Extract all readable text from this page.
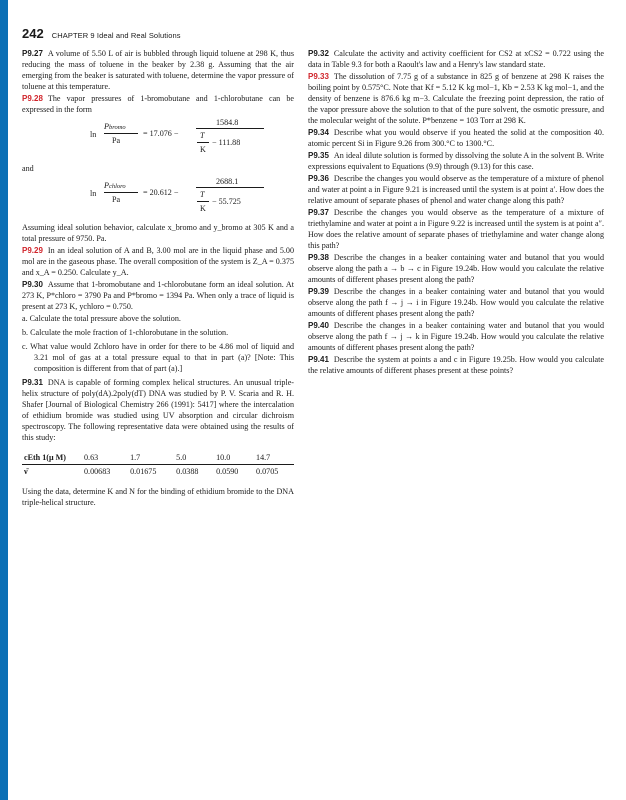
242 CHAPTER 9 Ideal and Real Solutions

P9.27 A volume of 5.50 L of air is bubbled through liquid toluene at 298 K, thus reducing the mass of toluene in the beaker by 2.38 g. Assuming that the air emerging from the beaker is saturated with toluene, determine the vapor pressure of toluene at this temperature.

P9.28 The vapor pressures of 1-bromobutane and 1-chlorobutane can be expressed in the form

ln
Pbromo
Pa
= 17.076 −
1584.8
T
K
− 111.88

and

ln
Pchloro
Pa
= 20.612 −
2688.1
T
K
− 55.725

Assuming ideal solution behavior, calculate x_bromo and y_bromo at 305 K and a total pressure of 9750. Pa.

P9.29 In an ideal solution of A and B, 3.00 mol are in the liquid phase and 5.00 mol are in the gaseous phase. The overall composition of the system is Z_A = 0.375 and x_A = 0.250. Calculate y_A.

P9.30 Assume that 1-bromobutane and 1-chlorobutane form an ideal solution. At 273 K, P*chloro = 3790 Pa and P*bromo = 1394 Pa. When only a trace of liquid is present at 273 K, ychloro = 0.750.

a. Calculate the total pressure above the solution.
b. Calculate the mole fraction of 1-chlorobutane in the solution.
c. What value would Zchloro have in order for there to be 4.86 mol of liquid and 3.21 mol of gas at a total pressure equal to that in part (a)? [Note: This composition is different from that of part (a).]

P9.31 DNA is capable of forming complex helical structures. An unusual triple-helix structure of poly(dA).2poly(dT) DNA was studied by P. V. Scaria and R. H. Shafer [Journal of Biological Chemistry 266 (1991): 5417] where the intercalation of ethidium bromide was studied using UV absorption and circular dichroism spectroscopy. The following representative data were obtained using the results of this study:

cEth 1(μ M)	0.63	1.7	5.0	10.0	14.7
ν̄	0.00683	0.01675	0.0388	0.0590	0.0705

Using the data, determine K and N for the binding of ethidium bromide to the DNA triple-helical structure.

P9.32 Calculate the activity and activity coefficient for CS2 at xCS2 = 0.722 using the data in Table 9.3 for both a Raoult's law and a Henry's law standard state.

P9.33 The dissolution of 7.75 g of a substance in 825 g of benzene at 298 K raises the boiling point by 0.575°C. Note that Kf = 5.12 K kg mol−1, Kb = 2.53 K kg mol−1, and the density of benzene is 876.6 kg m−3. Calculate the freezing point depression, the ratio of the vapor pressure above the solution to that of the pure solvent, the osmotic pressure, and the molecular weight of the solute. P*benzene = 103 Torr at 298 K.

P9.34 Describe what you would observe if you heated the solid at the composition 40. atomic percent Si in Figure 9.26 from 300.°C to 1300.°C.

P9.35 An ideal dilute solution is formed by dissolving the solute A in the solvent B. Write expressions equivalent to Equations (9.9) through (9.13) for this case.

P9.36 Describe the changes you would observe as the temperature of a mixture of phenol and water at point a in Figure 9.21 is increased until the system is at point a′. How does the relative amount of separate phases of phenol and water change along this path?

P9.37 Describe the changes you would observe as the temperature of a mixture of triethylamine and water at point a in Figure 9.22 is increased until the system is at point a″. How does the relative amount of separate phases of triethylamine and water change along this path?

P9.38 Describe the changes in a beaker containing water and butanol that you would observe along the path a → b → c in Figure 19.24b. How would you calculate the relative amounts of different phases present along the path?

P9.39 Describe the changes in a beaker containing water and butanol that you would observe along the path f → j → i in Figure 19.24b. How would you calculate the relative amounts of different phases present along the path?

P9.40 Describe the changes in a beaker containing water and butanol that you would observe along the path f → j → k in Figure 19.24b. How would you calculate the relative amounts of different phases present along the path?

P9.41 Describe the system at points a and c in Figure 19.25b. How would you calculate the relative amounts of different phases present at these points?
